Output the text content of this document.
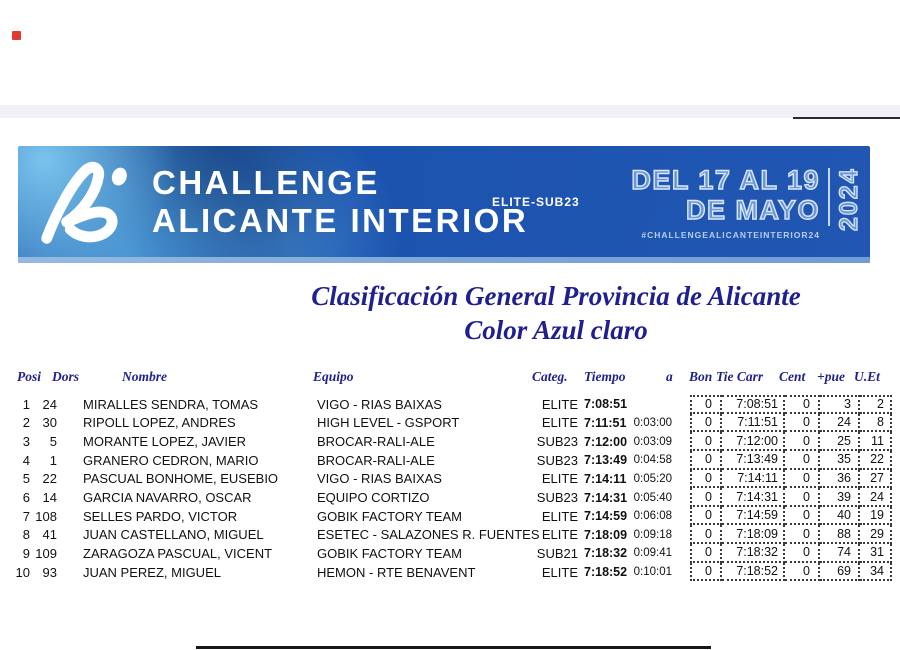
CHALLENGE
ALICANTE INTERIOR
ELITE-SUB23
DEL 17 AL 19
DE MAYO
#CHALLENGEALICANTEINTERIOR24
2024
Clasificación General Provincia de Alicante
Color Azul claro
Posi Dors	Nombre	Equipo	Categ. Tiempo	a Bon Tie Carr Cent +pue U.Et
1 24	MIRALLES SENDRA, TOMAS	VIGO - RIAS BAIXAS	ELITE 7:08:51	0	7:08:51	0	3	2
2 30	RIPOLL LOPEZ, ANDRES	HIGH LEVEL - GSPORT	ELITE 7:11:51 0:03:00	0	7:11:51	0	24	8
3	5	MORANTE LOPEZ, JAVIER	BROCAR-RALI-ALE	SUB23 7:12:00 0:03:09	0	7:12:00	0	25	11
4	1	GRANERO CEDRON, MARIO	BROCAR-RALI-ALE	SUB23 7:13:49 0:04:58	0	7:13:49	0	35	22
5 22	PASCUAL BONHOME, EUSEBIO	VIGO - RIAS BAIXAS	ELITE 7:14:11 0:05:20	0	7:14:11	0	36	27
6 14	GARCIA NAVARRO, OSCAR	EQUIPO CORTIZO	SUB23 7:14:31 0:05:40	0	7:14:31	0	39	24
7 108	SELLES PARDO, VICTOR	GOBIK FACTORY TEAM	ELITE 7:14:59 0:06:08	0	7:14:59	0	40	19
8 41	JUAN CASTELLANO, MIGUEL	ESETEC - SALAZONES R. FUENTES ELITE 7:18:09 0:09:18	0	7:18:09	0	88	29
9 109	ZARAGOZA PASCUAL, VICENT	GOBIK FACTORY TEAM	SUB21 7:18:32 0:09:41	0	7:18:32	0	74	31
10 93	JUAN PEREZ, MIGUEL	HEMON - RTE BENAVENT	ELITE 7:18:52 0:10:01	0	7:18:52	0	69	34
